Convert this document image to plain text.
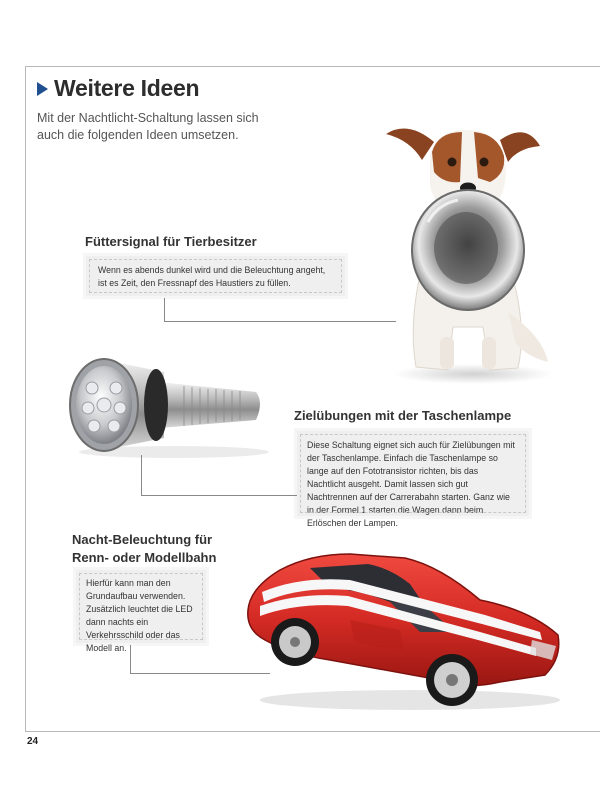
Weitere Ideen
Mit der Nachtlicht-Schaltung lassen sich auch die folgenden Ideen umsetzen.
Füttersignal für Tierbesitzer
Wenn es abends dunkel wird und die Beleuchtung angeht, ist es Zeit, den Fressnapf des Haustiers zu füllen.
Zielübungen mit der Taschenlampe
Diese Schaltung eignet sich auch für Zielübungen mit der Taschenlampe. Einfach die Taschenlampe so lange auf den Fototransistor richten, bis das Nachtlicht ausgeht. Damit lassen sich gut Nachtrennen auf der Carrerabahn starten. Ganz wie in der Formel 1 starten die Wagen dann beim Erlöschen der Lampen.
Nacht-Beleuchtung für
Renn- oder Modellbahn
Hierfür kann man den Grundaufbau verwenden. Zusätzlich leuchtet die LED dann nachts ein Verkehrsschild oder das Modell an.
24
